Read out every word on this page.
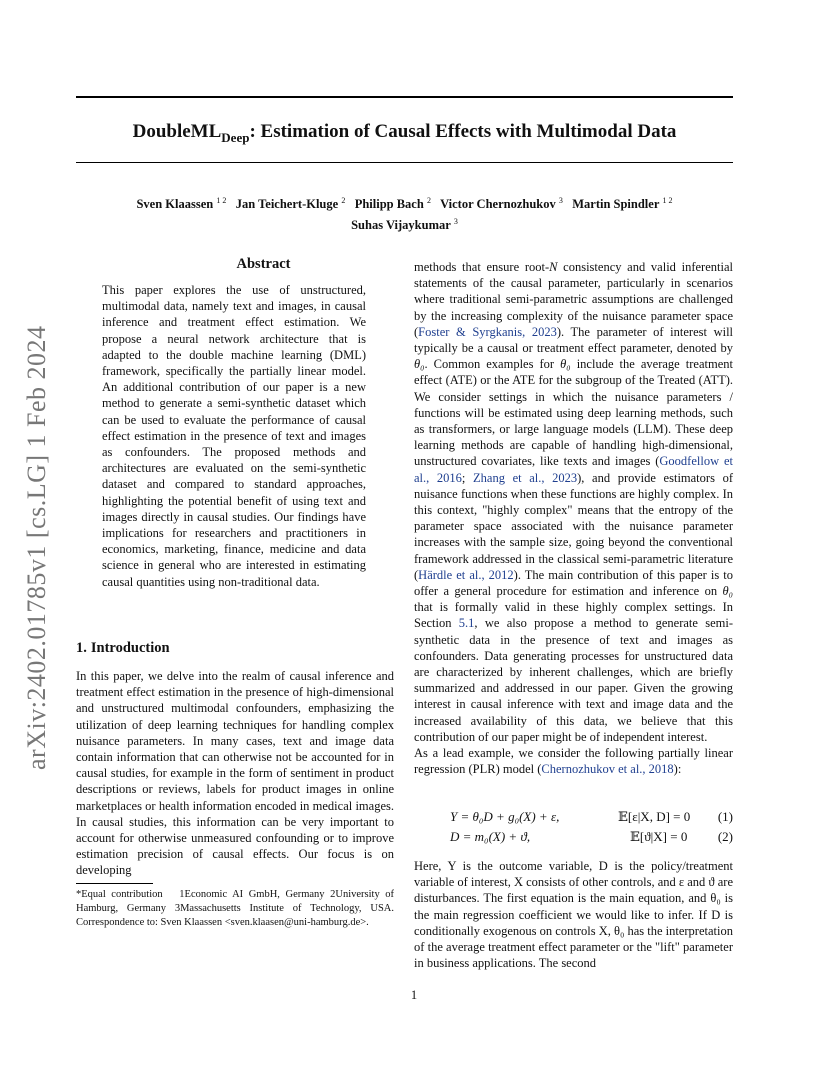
DoubleML$_{Deep}$: Estimation of Causal Effects with Multimodal Data
Sven Klaassen $^{1 2}$ Jan Teichert-Kluge $^2$ Philipp Bach $^2$ Victor Chernozhukov $^3$ Martin Spindler $^{1 2}$
Suhas Vijaykumar $^3$
arXiv:2402.01785v1 [cs.LG] 1 Feb 2024
Abstract

This paper explores the use of unstructured, multimodal data, namely text and images, in causal inference and treatment effect estimation. We propose a neural network architecture that is adapted to the double machine learning (DML) framework, specifically the partially linear model. An additional contribution of our paper is a new method to generate a semi-synthetic dataset which can be used to evaluate the performance of causal effect estimation in the presence of text and images as confounders. The proposed methods and architectures are evaluated on the semi-synthetic dataset and compared to standard approaches, highlighting the potential benefit of using text and images directly in causal studies. Our findings have implications for researchers and practitioners in economics, marketing, finance, medicine and data science in general who are interested in estimating causal quantities using non-traditional data.

1. Introduction

In this paper, we delve into the realm of causal inference and treatment effect estimation in the presence of high-dimensional and unstructured multimodal confounders, emphasizing the utilization of deep learning techniques for handling complex nuisance parameters. In many cases, text and image data contain information that can otherwise not be accounted for in causal studies, for example in the form of sentiment in product descriptions or reviews, labels for product images in online marketplaces or health information encoded in medical images. In causal studies, this information can be very important to account for otherwise unmeasured confounding or to improve estimation precision of causal effects. Our focus is on developing

*Equal contribution 1Economic AI GmbH, Germany 2University of Hamburg, Germany 3Massachusetts Institute of Technology, USA. Correspondence to: Sven Klaassen <sven.klaasen@uni-hamburg.de>.

methods that ensure root-N consistency and valid inferential statements of the causal parameter, particularly in scenarios where traditional semi-parametric assumptions are challenged by the increasing complexity of the nuisance parameter space (Foster & Syrgkanis, 2023). The parameter of interest will typically be a causal or treatment effect parameter, denoted by θ₀. Common examples for θ₀ include the average treatment effect (ATE) or the ATE for the subgroup of the Treated (ATT). We consider settings in which the nuisance parameters / functions will be estimated using deep learning methods, such as transformers, or large language models (LLM). These deep learning methods are capable of handling high-dimensional, unstructured covariates, like texts and images (Goodfellow et al., 2016; Zhang et al., 2023), and provide estimators of nuisance functions when these functions are highly complex. In this context, "highly complex" means that the entropy of the parameter space associated with the nuisance parameter increases with the sample size, going beyond the conventional framework addressed in the classical semi-parametric literature (Härdle et al., 2012). The main contribution of this paper is to offer a general procedure for estimation and inference on θ₀ that is formally valid in these highly complex settings. In Section 5.1, we also propose a method to generate semi-synthetic data in the presence of text and images as confounders. Data generating processes for unstructured data are characterized by inherent challenges, which are briefly summarized and addressed in our paper. Given the growing interest in causal inference with text and image data and the increased availability of this data, we believe that this contribution of our paper might be of independent interest.

As a lead example, we consider the following partially linear regression (PLR) model (Chernozhukov et al., 2018):

Y = θ₀D + g₀(X) + ε,	𝔼[ε|X, D] = 0 (1)
D = m₀(X) + ϑ,	𝔼[ϑ|X] = 0 (2)

Here, Y is the outcome variable, D is the policy/treatment variable of interest, X consists of other controls, and ε and ϑ are disturbances. The first equation is the main equation, and θ₀ is the main regression coefficient we would like to infer. If D is conditionally exogenous on controls X, θ₀ has the interpretation of the average treatment effect parameter or the "lift" parameter in business applications. The second

1
